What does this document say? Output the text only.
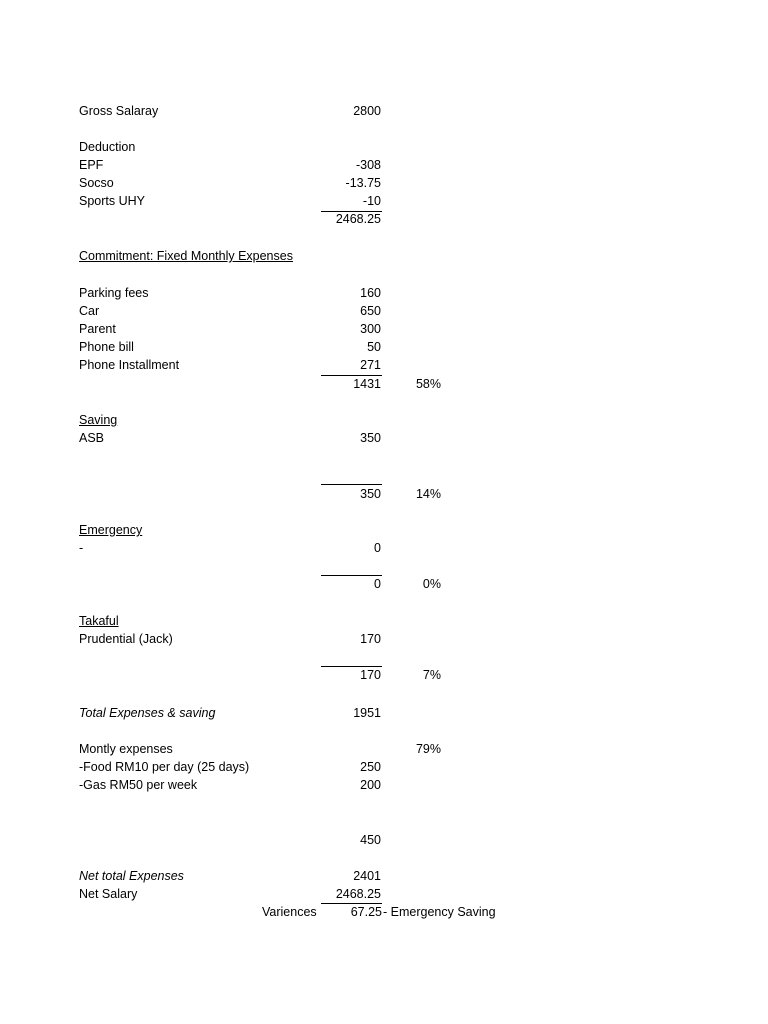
Gross Salaray	2800
Deduction
EPF	-308
Socso	-13.75
Sports UHY	-10
2468.25
Commitment: Fixed Monthly Expenses
Parking fees	160
Car	650
Parent	300
Phone bill	50
Phone Installment	271
1431	58%
Saving
ASB	350
350	14%
Emergency
-	0
0	0%
Takaful
Prudential (Jack)	170
170	7%
Total Expenses & saving	1951
Montly expenses	79%
-Food RM10 per day (25 days)	250
-Gas RM50 per week	200
450
Net total Expenses	2401
Net Salary	2468.25
Variences	67.25 - Emergency Saving
